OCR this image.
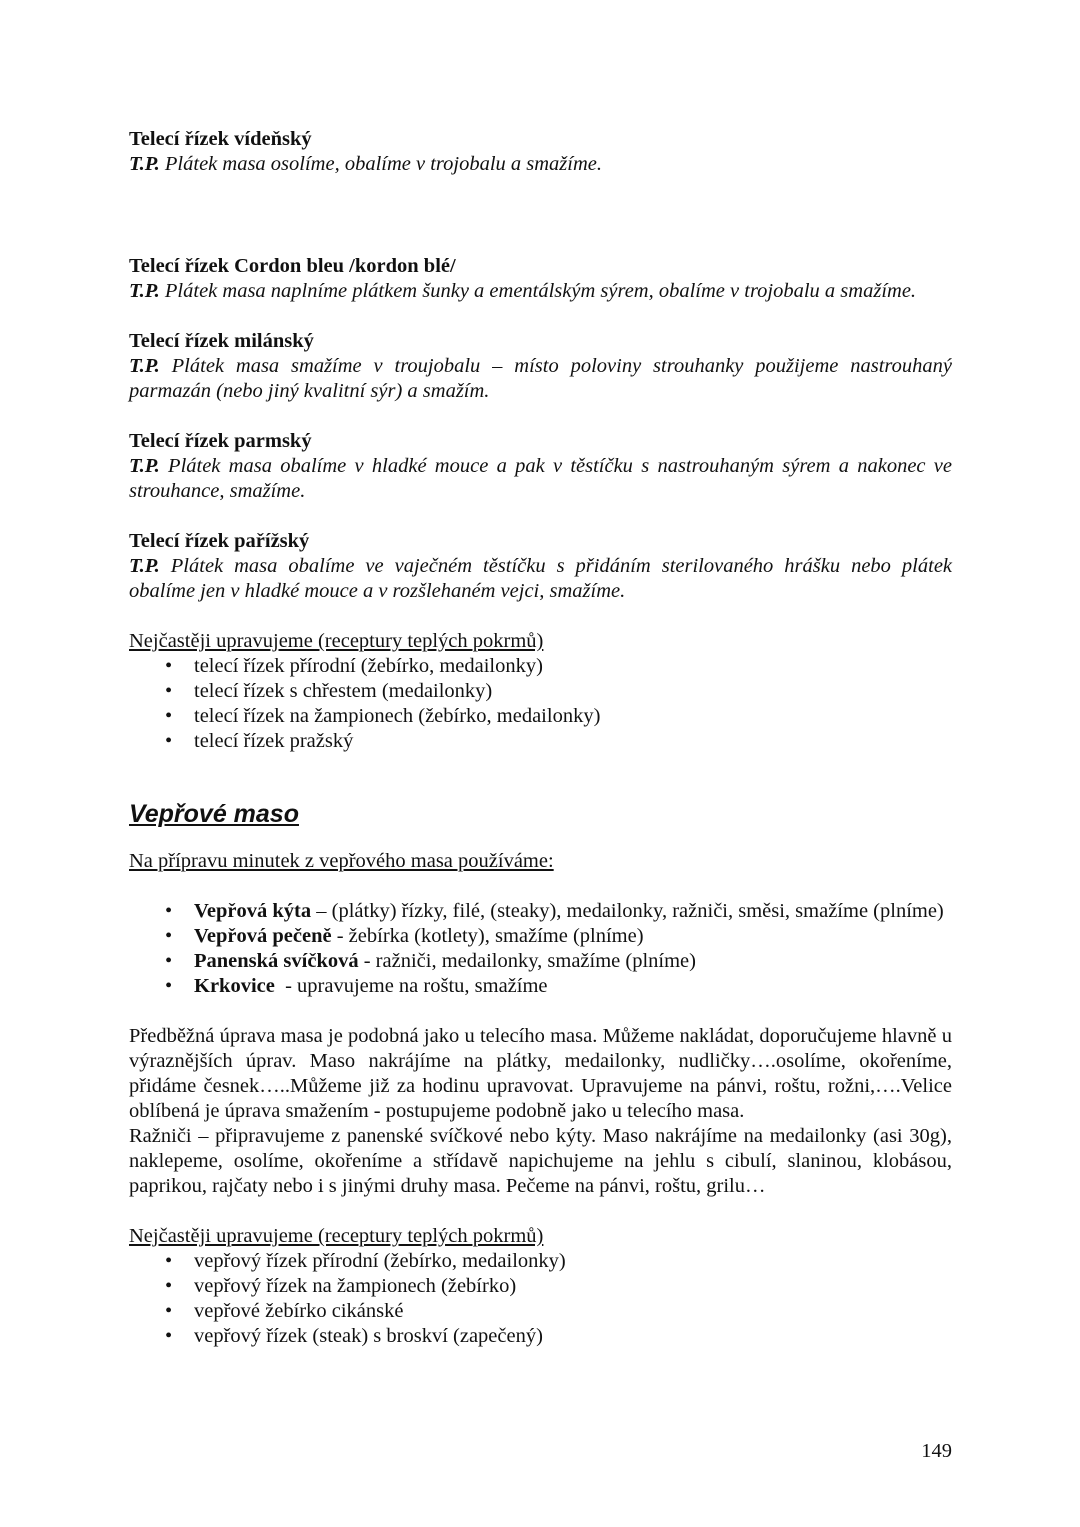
Telecí řízek vídeňský
T.P. Plátek masa osolíme, obalíme v trojobalu a smažíme.
Telecí řízek Cordon bleu /kordon blé/
T.P. Plátek masa naplníme plátkem šunky a ementálským sýrem, obalíme v trojobalu a smažíme.
Telecí řízek milánský
T.P. Plátek masa smažíme v troujobalu – místo poloviny strouhanky použijeme nastrouhaný parmazán (nebo jiný kvalitní sýr) a smažím.
Telecí řízek parmský
T.P. Plátek masa obalíme v hladké mouce a pak v těstíčku s nastrouhaným sýrem a nakonec ve strouhance, smažíme.
Telecí řízek pařížský
T.P. Plátek masa obalíme ve vaječném těstíčku s přidáním sterilovaného hrášku nebo plátek obalíme jen v hladké mouce a v rozšlehaném vejci, smažíme.
Nejčastěji upravujeme (receptury teplých pokrmů)
• telecí řízek přírodní (žebírko, medailonky)
• telecí řízek s chřestem (medailonky)
• telecí řízek na žampionech (žebírko, medailonky)
• telecí řízek pražský
Vepřové maso
Na přípravu minutek z vepřového masa používáme:
• Vepřová kýta – (plátky) řízky, filé, (steaky), medailonky, ražniči, směsi, smažíme (plníme)
• Vepřová pečeně - žebírka (kotlety), smažíme (plníme)
• Panenská svíčková - ražniči, medailonky, smažíme (plníme)
• Krkovice  - upravujeme na roštu, smažíme
Předběžná úprava masa je podobná jako u telecího masa. Můžeme nakládat, doporučujeme hlavně u výraznějších úprav. Maso nakrájíme na plátky, medailonky, nudličky….osolíme, okořeníme, přidáme česnek…..Můžeme již za hodinu upravovat. Upravujeme na pánvi, roštu, rožni,….Velice oblíbená je úprava smažením - postupujeme podobně jako u telecího masa.
Ražniči – připravujeme z panenské svíčkové nebo kýty. Maso nakrájíme na medailonky (asi 30g), naklepeme, osolíme, okořeníme a střídavě napichujeme na jehlu s cibulí, slaninou, klobásou, paprikou, rajčaty nebo i s jinými druhy masa. Pečeme na pánvi, roštu, grilu…
Nejčastěji upravujeme (receptury teplých pokrmů)
• vepřový řízek přírodní (žebírko, medailonky)
• vepřový řízek na žampionech (žebírko)
• vepřové žebírko cikánské
• vepřový řízek (steak) s broskví (zapečený)
149
